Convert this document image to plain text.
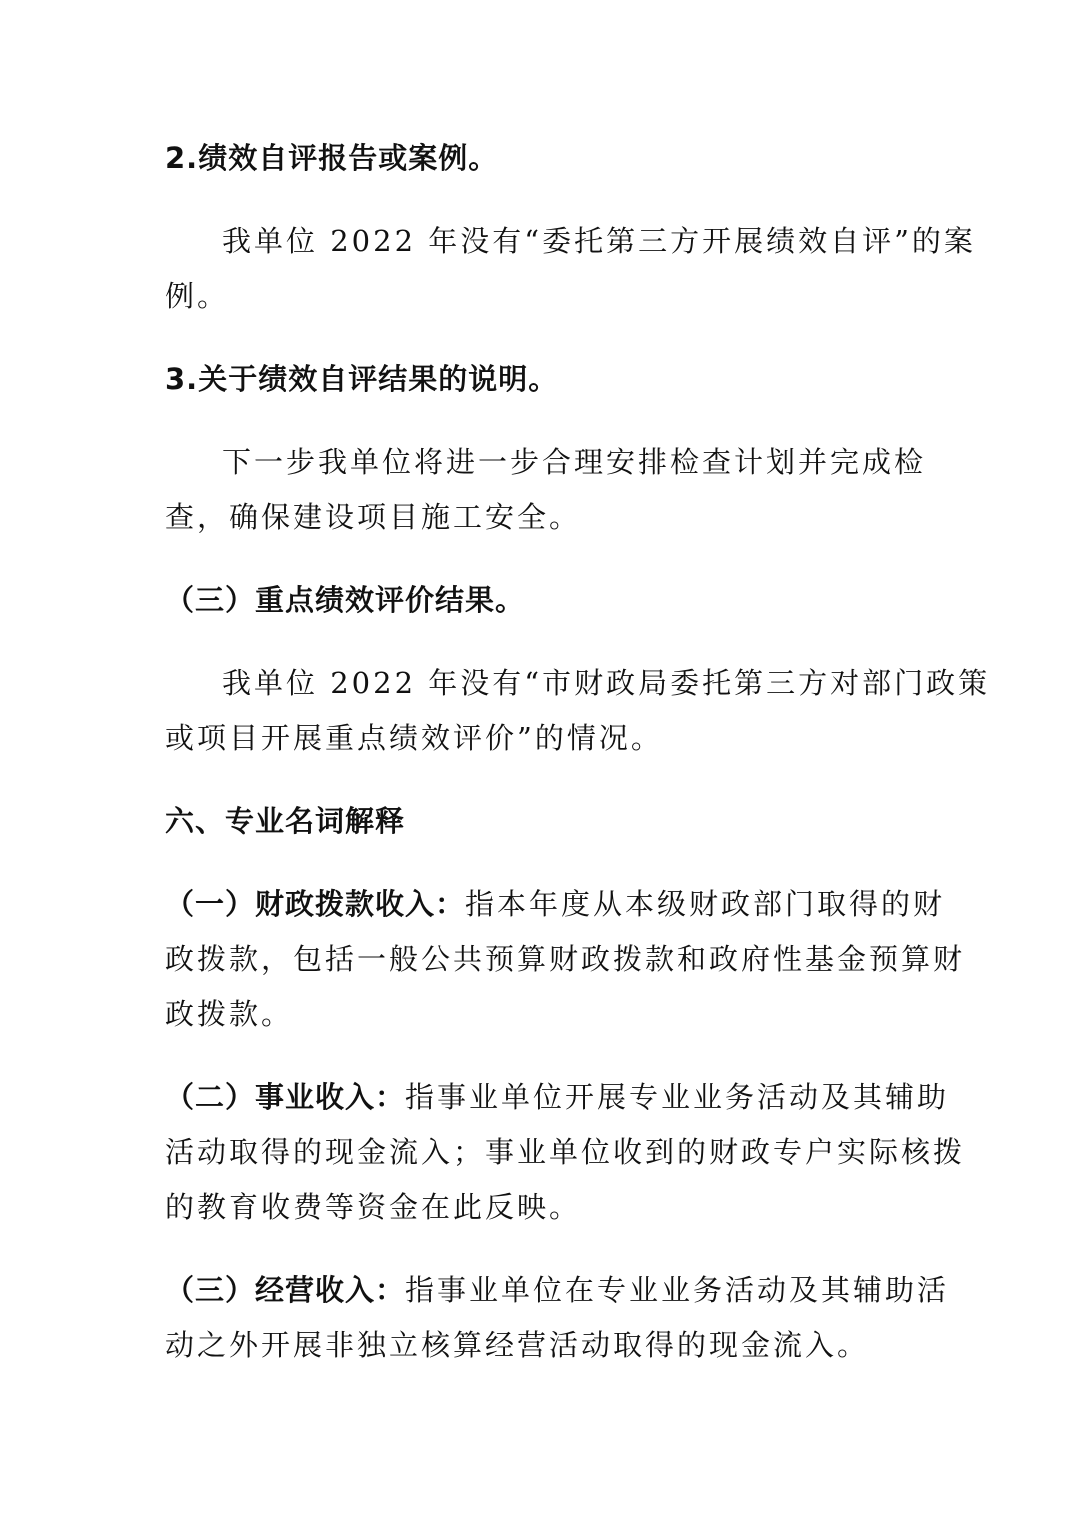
2.绩效自评报告或案例。
我单位 2022 年没有“委托第三方开展绩效自评”的案
例。
3.关于绩效自评结果的说明。
下一步我单位将进一步合理安排检查计划并完成检
查，确保建设项目施工安全。
（三）重点绩效评价结果。
我单位 2022 年没有“市财政局委托第三方对部门政策
或项目开展重点绩效评价”的情况。
六、专业名词解释
（一）财政拨款收入：指本年度从本级财政部门取得的财
政拨款，包括一般公共预算财政拨款和政府性基金预算财
政拨款。
（二）事业收入：指事业单位开展专业业务活动及其辅助
活动取得的现金流入；事业单位收到的财政专户实际核拨
的教育收费等资金在此反映。
（三）经营收入：指事业单位在专业业务活动及其辅助活
动之外开展非独立核算经营活动取得的现金流入。
